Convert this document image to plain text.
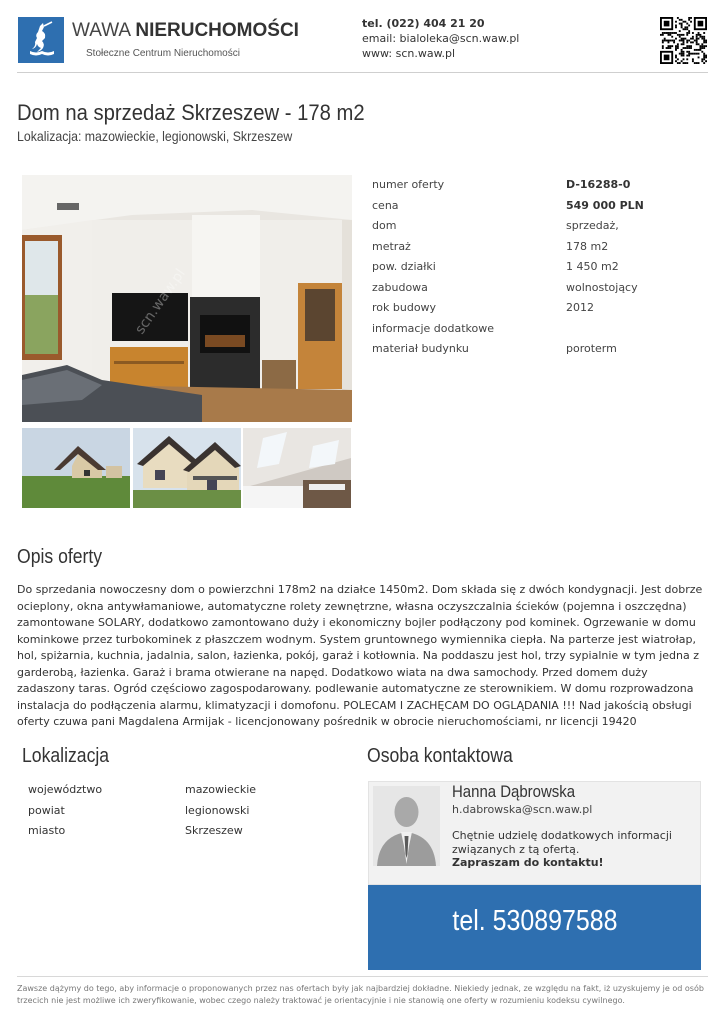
WAWA NIERUCHOMOŚCI
Stołeczne Centrum Nieruchomości
tel. (022) 404 21 20
email: bialoleka@scn.waw.pl
www: scn.waw.pl
Dom na sprzedaż Skrzeszew - 178 m2
Lokalizacja: mazowieckie, legionowski, Skrzeszew
scn.waw.pl
numer oferty	D-16288-0
cena	549 000 PLN
dom	sprzedaż,
metraż	178 m2
pow. działki	1 450 m2
zabudowa	wolnostojący
rok budowy	2012
informacje dodatkowe
materiał budynku	poroterm
Opis oferty
Do sprzedania nowoczesny dom o powierzchni 178m2 na działce 1450m2. Dom składa się z dwóch kondygnacji. Jest dobrze ocieplony, okna antywłamaniowe, automatyczne rolety zewnętrzne, własna oczyszczalnia ścieków (pojemna i oszczędna) zamontowane SOLARY, dodatkowo zamontowano duży i ekonomiczny bojler podłączony pod kominek. Ogrzewanie w domu kominkowe przez turbokominek z płaszczem wodnym. System gruntownego wymiennika ciepła. Na parterze jest wiatrołap, hol, spiżarnia, kuchnia, jadalnia, salon, łazienka, pokój, garaż i kotłownia. Na poddaszu jest hol, trzy sypialnie w tym jedna z garderobą, łazienka. Garaż i brama otwierane na napęd. Dodatkowo wiata na dwa samochody. Przed domem duży zadaszony taras. Ogród częściowo zagospodarowany. podlewanie automatyczne ze sterownikiem. W domu rozprowadzona instalacja do podłączenia alarmu, klimatyzacji i domofonu. POLECAM I ZACHĘCAM DO OGLĄDANIA !!! Nad jakością obsługi oferty czuwa pani Magdalena Armijak - licencjonowany pośrednik w obrocie nieruchomościami, nr licencji 19420
Lokalizacja
województwo	mazowieckie
powiat	legionowski
miasto	Skrzeszew
Osoba kontaktowa
Hanna Dąbrowska
h.dabrowska@scn.waw.pl
Chętnie udzielę dodatkowych informacji związanych z tą ofertą.
Zapraszam do kontaktu!
tel. 530897588
Zawsze dążymy do tego, aby informacje o proponowanych przez nas ofertach były jak najbardziej dokładne. Niekiedy jednak, ze względu na fakt, iż uzyskujemy je od osób trzecich nie jest możliwe ich zweryfikowanie, wobec czego należy traktować je orientacyjnie i nie stanowią one oferty w rozumieniu kodeksu cywilnego.
